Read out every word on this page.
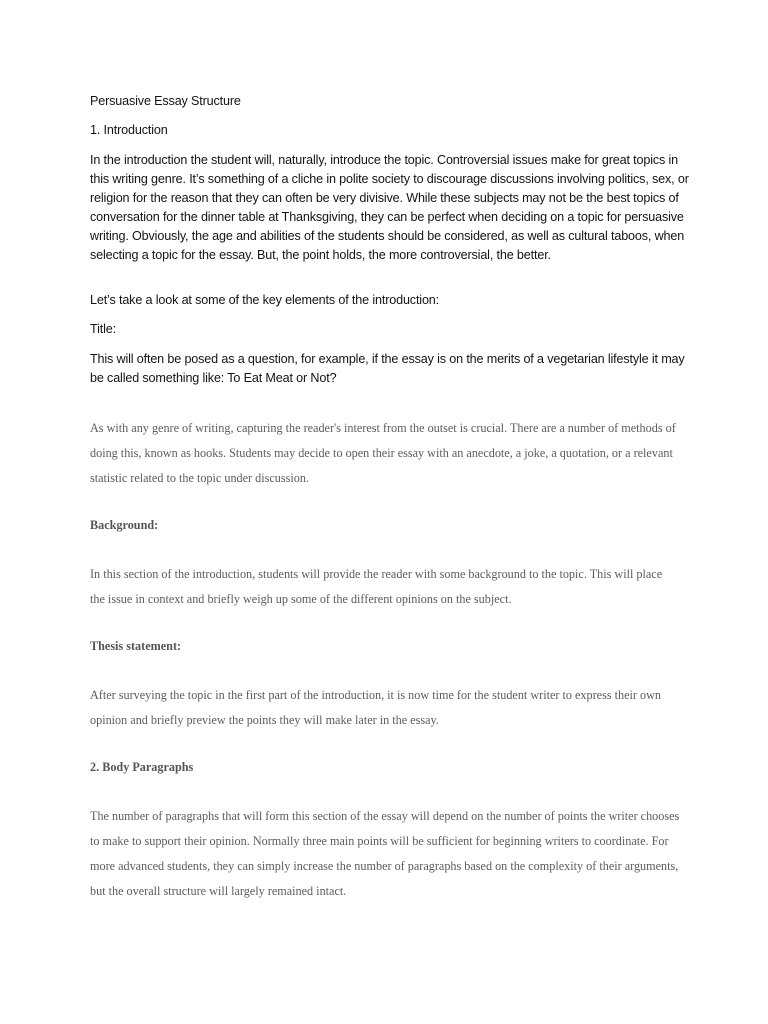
Persuasive Essay Structure

1. Introduction

In the introduction the student will, naturally, introduce the topic. Controversial issues make for great topics in this writing genre. It’s something of a cliche in polite society to discourage discussions involving politics, sex, or religion for the reason that they can often be very divisive. While these subjects may not be the best topics of conversation for the dinner table at Thanksgiving, they can be perfect when deciding on a topic for persuasive writing. Obviously, the age and abilities of the students should be considered, as well as cultural taboos, when selecting a topic for the essay. But, the point holds, the more controversial, the better.

Let’s take a look at some of the key elements of the introduction:

Title:

This will often be posed as a question, for example, if the essay is on the merits of a vegetarian lifestyle it may be called something like: To Eat Meat or Not?

As with any genre of writing, capturing the reader's interest from the outset is crucial. There are a number of methods of doing this, known as hooks. Students may decide to open their essay with an anecdote, a joke, a quotation, or a relevant statistic related to the topic under discussion.

Background:

In this section of the introduction, students will provide the reader with some background to the topic. This will place the issue in context and briefly weigh up some of the different opinions on the subject.

Thesis statement:

After surveying the topic in the first part of the introduction, it is now time for the student writer to express their own opinion and briefly preview the points they will make later in the essay.

2. Body Paragraphs

The number of paragraphs that will form this section of the essay will depend on the number of points the writer chooses to make to support their opinion. Normally three main points will be sufficient for beginning writers to coordinate. For more advanced students, they can simply increase the number of paragraphs based on the complexity of their arguments, but the overall structure will largely remained intact.
